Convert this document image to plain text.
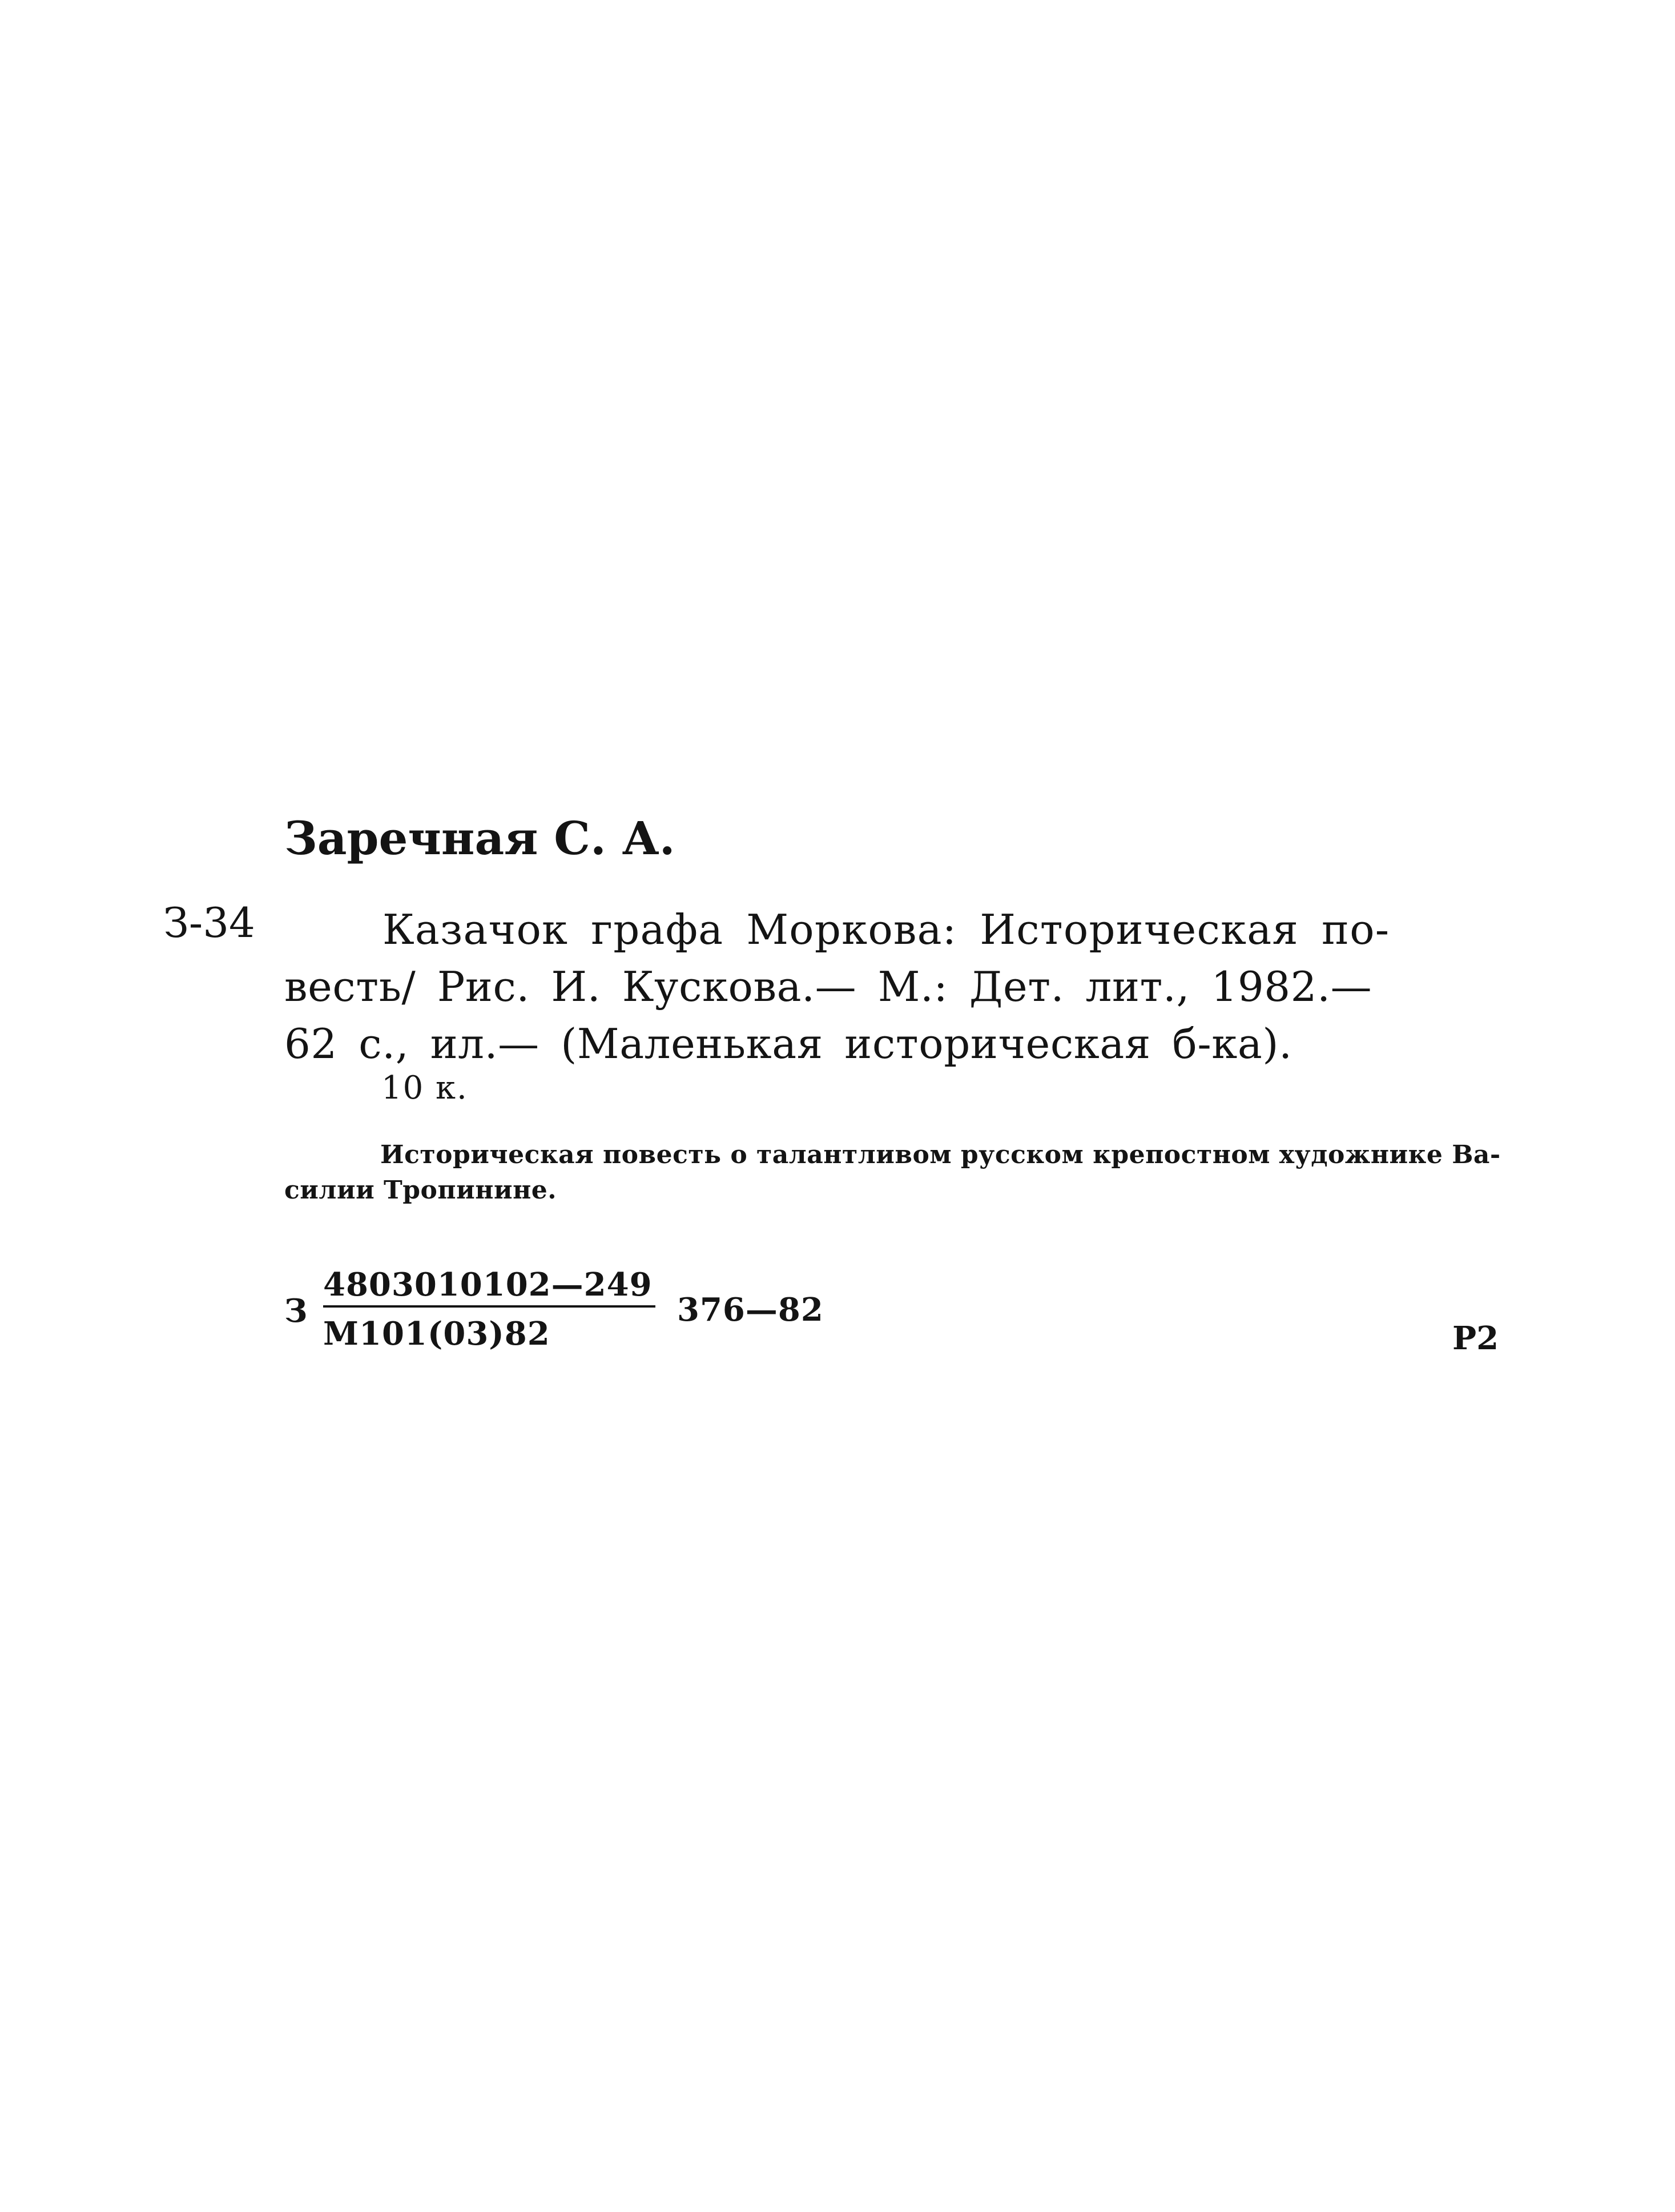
Заречная С. А.
З-34	Казачок графа Моркова: Историческая по-
весть/ Рис. И. Кускова.— М.: Дет. лит., 1982.—
62 с., ил.— (Маленькая историческая б-ка).
10 к.
Историческая повесть о талантливом русском крепостном художнике Ва-
силии Тропинине.
З
4803010102—249
М101(03)82
376—82
Р2
